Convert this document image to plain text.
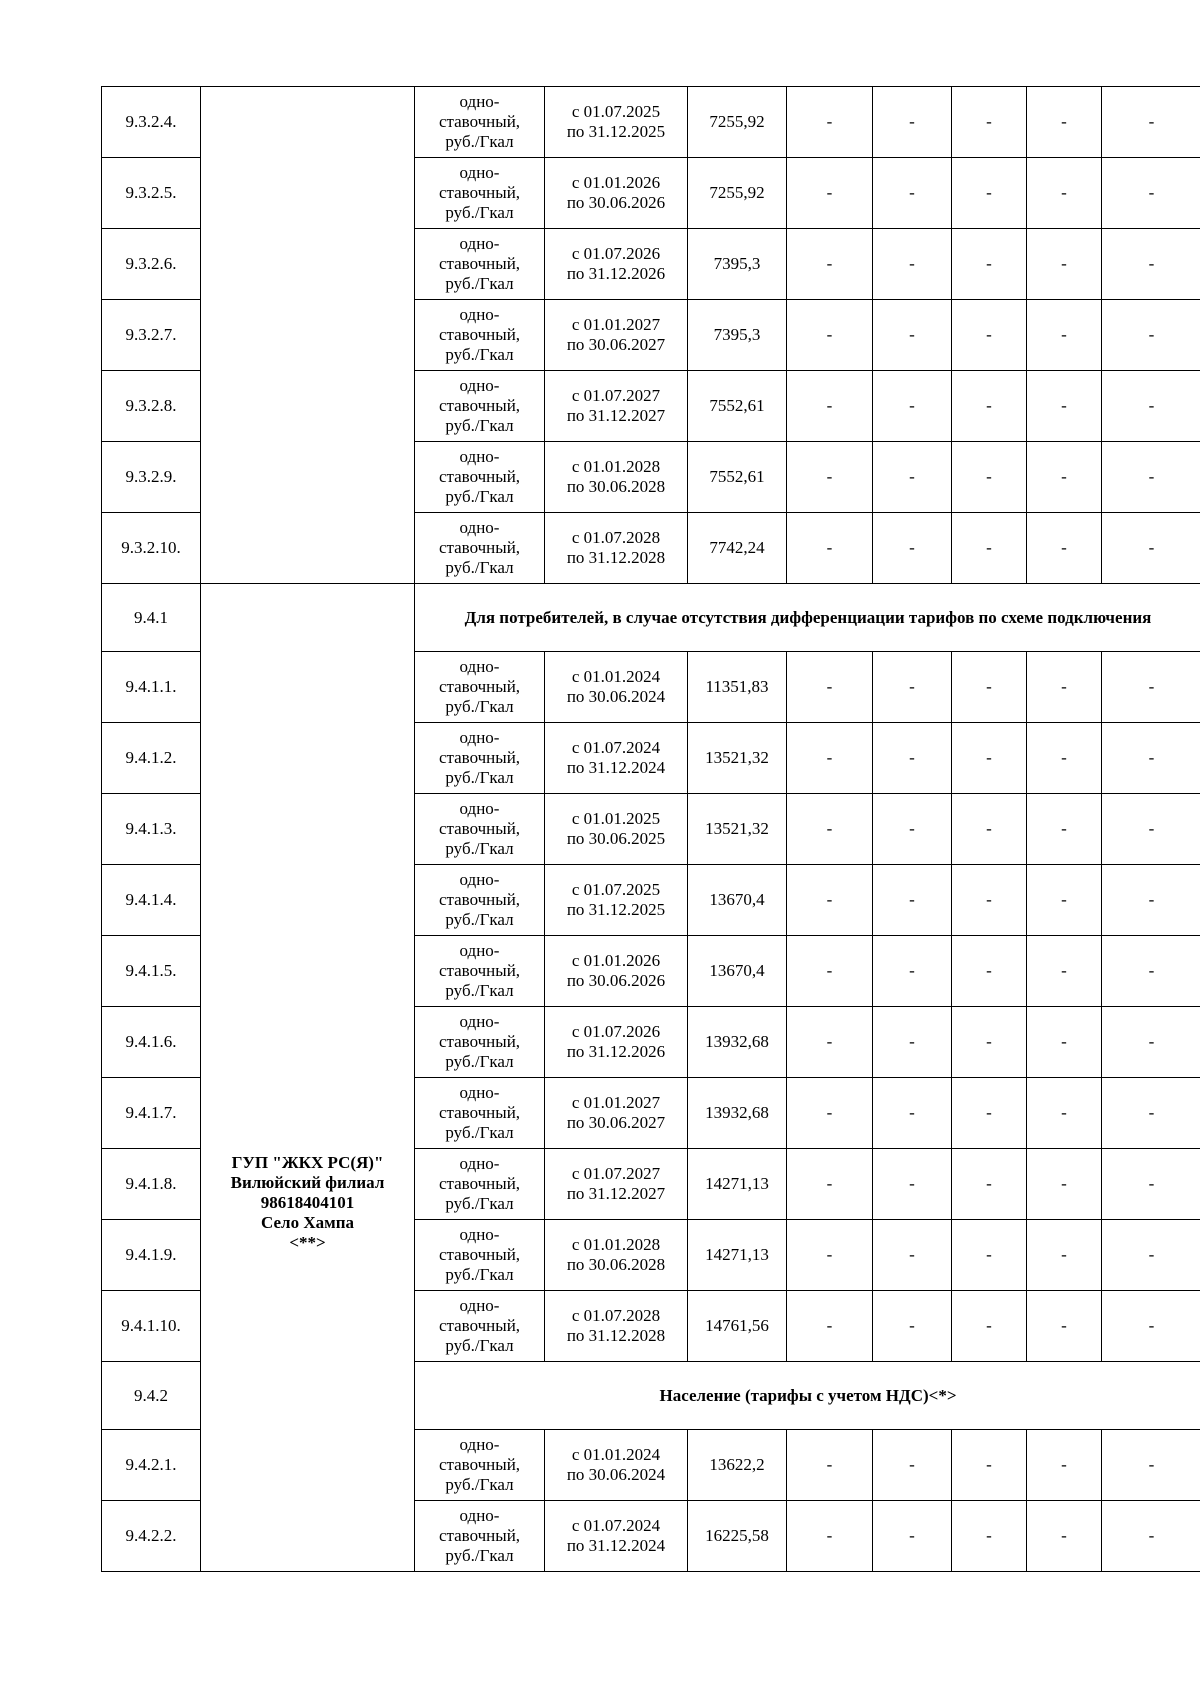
9.3.2.4.		одно-
ставочный,
руб./Гкал	с 01.07.2025
по 31.12.2025	7255,92	-	-	-	-	-
9.3.2.5.		одно-
ставочный,
руб./Гкал	с 01.01.2026
по 30.06.2026	7255,92	-	-	-	-	-
9.3.2.6.		одно-
ставочный,
руб./Гкал	с 01.07.2026
по 31.12.2026	7395,3	-	-	-	-	-
9.3.2.7.		одно-
ставочный,
руб./Гкал	с 01.01.2027
по 30.06.2027	7395,3	-	-	-	-	-
9.3.2.8.		одно-
ставочный,
руб./Гкал	с 01.07.2027
по 31.12.2027	7552,61	-	-	-	-	-
9.3.2.9.		одно-
ставочный,
руб./Гкал	с 01.01.2028
по 30.06.2028	7552,61	-	-	-	-	-
9.3.2.10.		одно-
ставочный,
руб./Гкал	с 01.07.2028
по 31.12.2028	7742,24	-	-	-	-	-
9.4.1	ГУП "ЖКХ РС(Я)"
Вилюйский филиал
98618404101
Село Хампа
<**>	Для потребителей, в случае отсутствия дифференциации тарифов по схеме подключения							
9.4.1.1.		одно-
ставочный,
руб./Гкал	с 01.01.2024
по 30.06.2024	11351,83	-	-	-	-	-
9.4.1.2.		одно-
ставочный,
руб./Гкал	с 01.07.2024
по 31.12.2024	13521,32	-	-	-	-	-
9.4.1.3.		одно-
ставочный,
руб./Гкал	с 01.01.2025
по 30.06.2025	13521,32	-	-	-	-	-
9.4.1.4.		одно-
ставочный,
руб./Гкал	с 01.07.2025
по 31.12.2025	13670,4	-	-	-	-	-
9.4.1.5.		одно-
ставочный,
руб./Гкал	с 01.01.2026
по 30.06.2026	13670,4	-	-	-	-	-
9.4.1.6.		одно-
ставочный,
руб./Гкал	с 01.07.2026
по 31.12.2026	13932,68	-	-	-	-	-
9.4.1.7.		одно-
ставочный,
руб./Гкал	с 01.01.2027
по 30.06.2027	13932,68	-	-	-	-	-
9.4.1.8.		одно-
ставочный,
руб./Гкал	с 01.07.2027
по 31.12.2027	14271,13	-	-	-	-	-
9.4.1.9.		одно-
ставочный,
руб./Гкал	с 01.01.2028
по 30.06.2028	14271,13	-	-	-	-	-
9.4.1.10.		одно-
ставочный,
руб./Гкал	с 01.07.2028
по 31.12.2028	14761,56	-	-	-	-	-
9.4.2		Население (тарифы с учетом НДС)<*>							
9.4.2.1.		одно-
ставочный,
руб./Гкал	с 01.01.2024
по 30.06.2024	13622,2	-	-	-	-	-
9.4.2.2.		одно-
ставочный,
руб./Гкал	с 01.07.2024
по 31.12.2024	16225,58	-	-	-	-	-
